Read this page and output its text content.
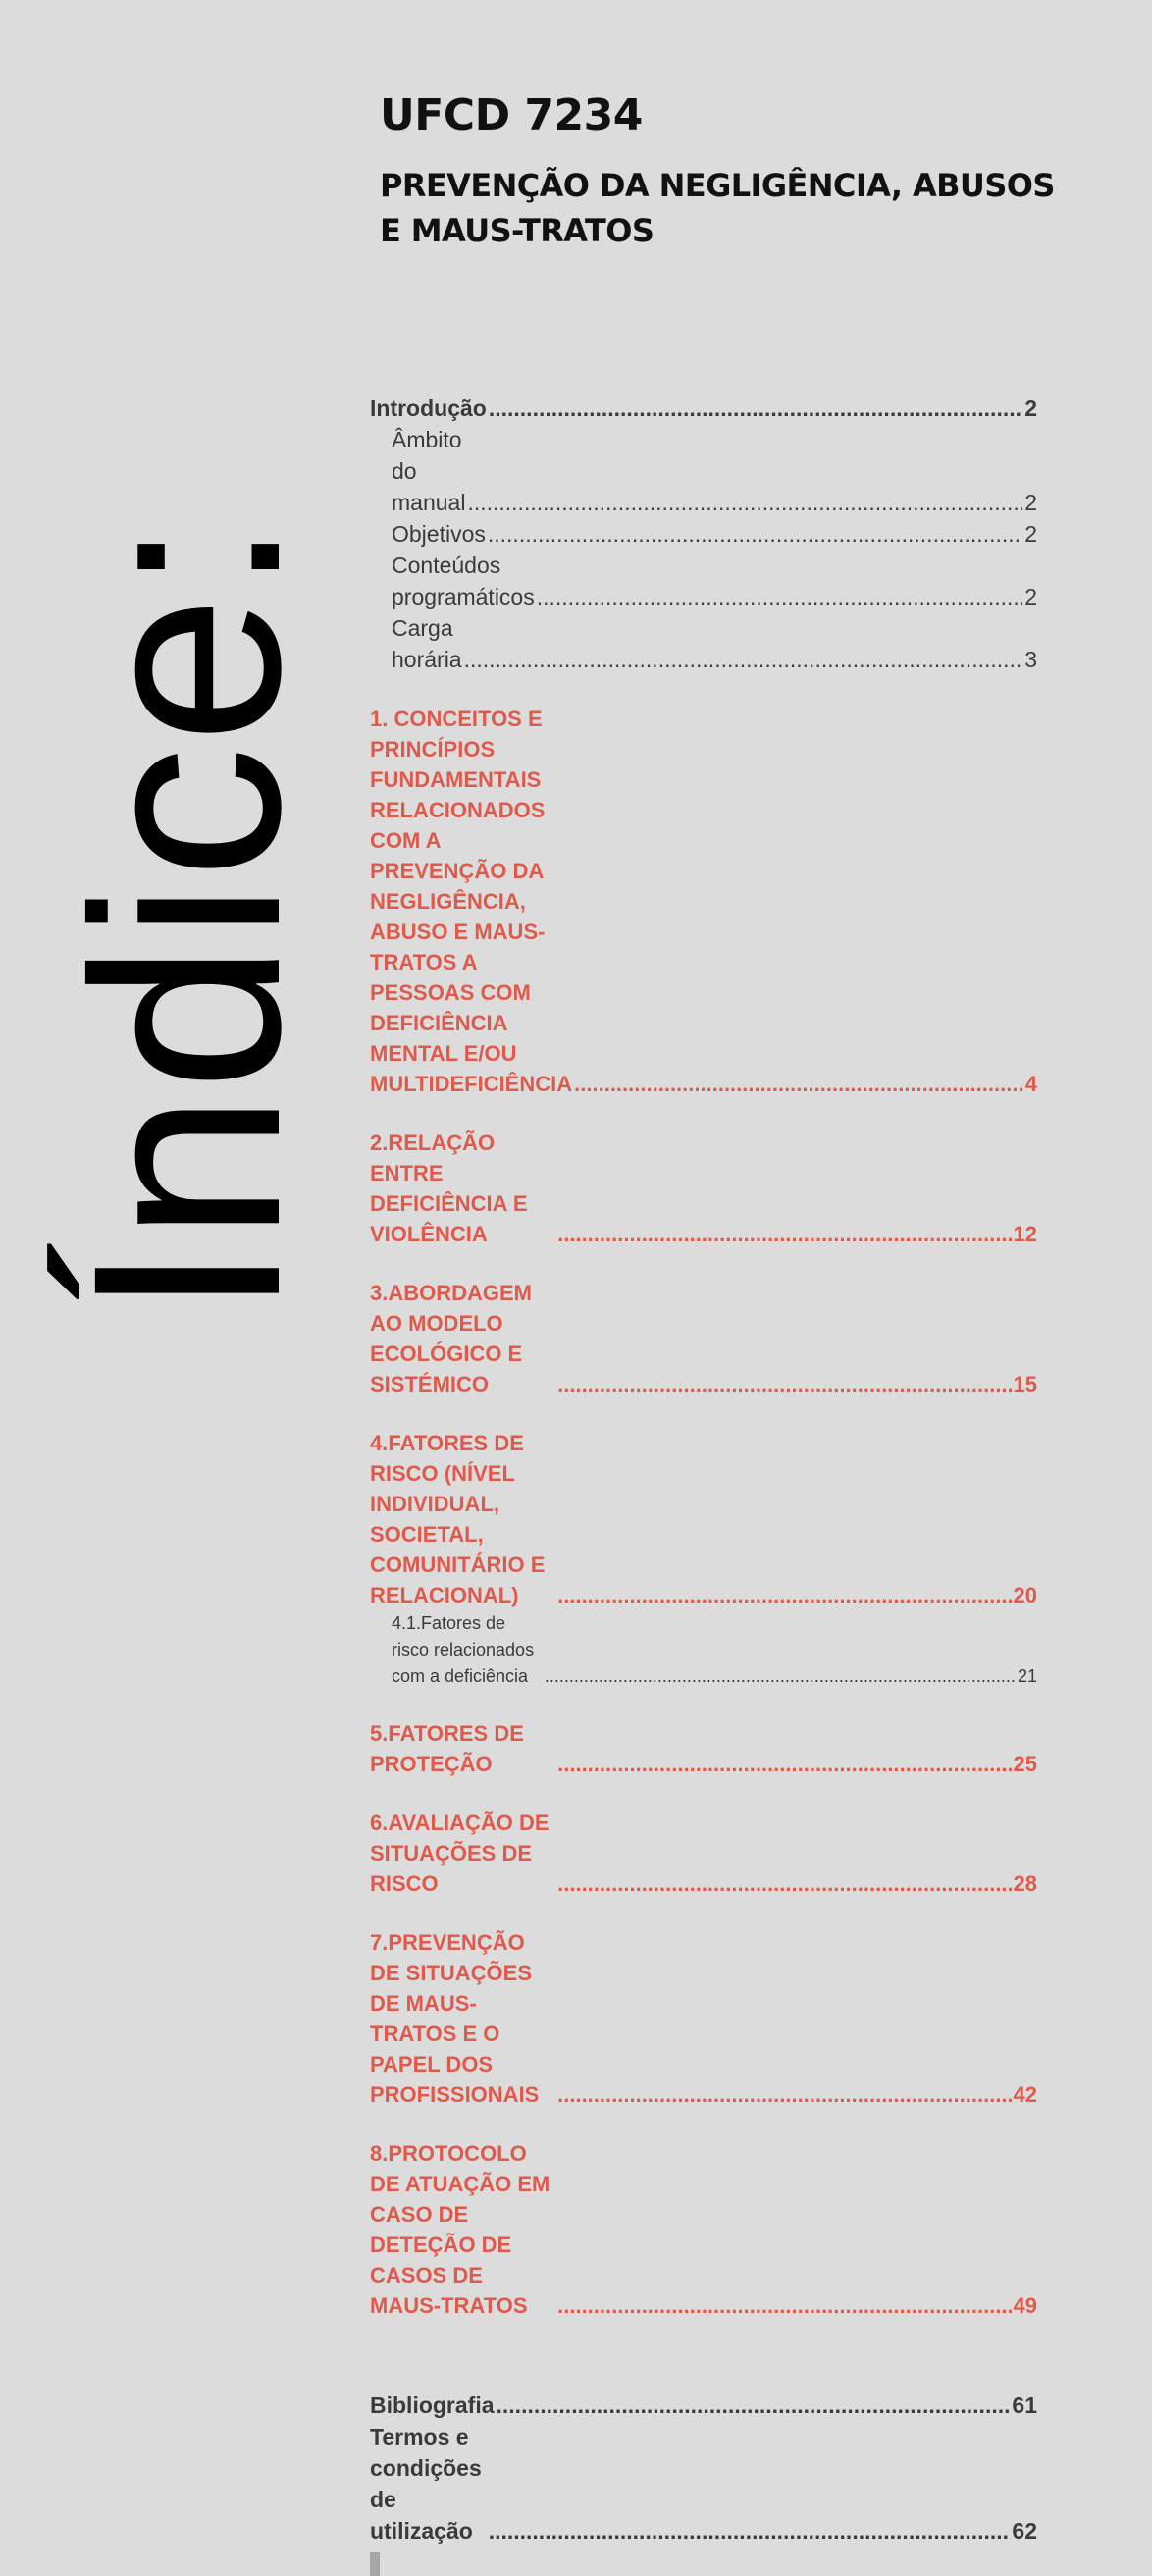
UFCD 7234
PREVENÇÃO DA NEGLIGÊNCIA, ABUSOS
E MAUS-TRATOS
Índice:
Introdução .....	2
Âmbito do manual .....	2
Objetivos .....	2
Conteúdos programáticos .....	2
Carga horária .....	3
1. CONCEITOS E PRINCÍPIOS FUNDAMENTAIS RELACIONADOS COM A PREVENÇÃO DA NEGLIGÊNCIA, ABUSO E MAUS-TRATOS A PESSOAS COM DEFICIÊNCIA MENTAL E/OU MULTIDEFICIÊNCIA .....	4
2.RELAÇÃO ENTRE DEFICIÊNCIA E VIOLÊNCIA .....	12
3.ABORDAGEM AO MODELO ECOLÓGICO E SISTÉMICO .....	15
4.FATORES DE RISCO (NÍVEL INDIVIDUAL, SOCIETAL, COMUNITÁRIO E RELACIONAL) .....	20
4.1.Fatores de risco relacionados com a deficiência .....	21
5.FATORES DE PROTEÇÃO .....	25
6.AVALIAÇÃO DE SITUAÇÕES DE RISCO .....	28
7.PREVENÇÃO DE SITUAÇÕES DE MAUS-TRATOS E O PAPEL DOS PROFISSIONAIS .....	42
8.PROTOCOLO DE ATUAÇÃO EM CASO DE DETEÇÃO DE CASOS DE MAUS-TRATOS .....	49
Bibliografia .....	61
Termos e condições de utilização .....	62
